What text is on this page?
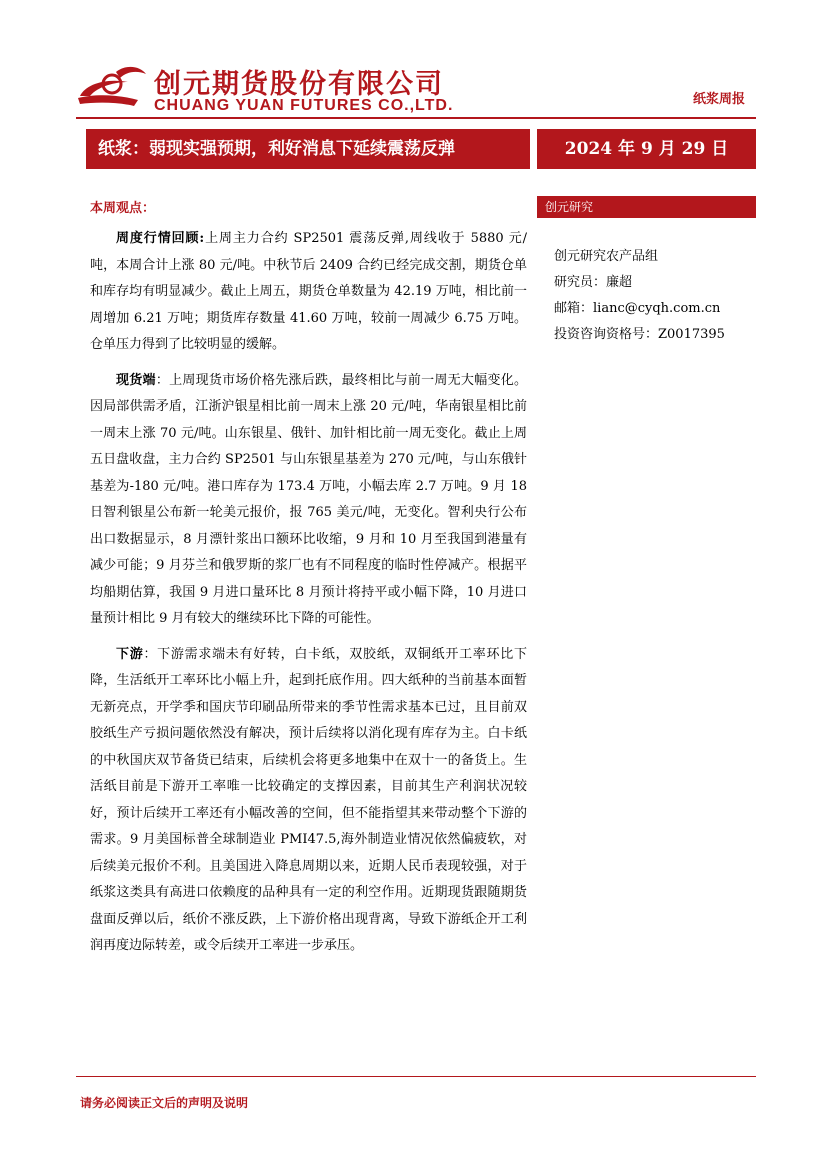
创元期货股份有限公司
CHUANG YUAN FUTURES CO.,LTD.	纸浆周报
纸浆：弱现实强预期，利好消息下延续震荡反弹	2024 年 9 月 29 日
本周观点：

周度行情回顾:上周主力合约 SP2501 震荡反弹,周线收于 5880 元/吨，本周合计上涨 80 元/吨。中秋节后 2409 合约已经完成交割，期货仓单和库存均有明显减少。截止上周五，期货仓单数量为 42.19 万吨，相比前一周增加 6.21 万吨；期货库存数量 41.60 万吨，较前一周减少 6.75 万吨。仓单压力得到了比较明显的缓解。

现货端：上周现货市场价格先涨后跌，最终相比与前一周无大幅变化。因局部供需矛盾，江浙沪银星相比前一周末上涨 20 元/吨，华南银星相比前一周末上涨 70 元/吨。山东银星、俄针、加针相比前一周无变化。截止上周五日盘收盘，主力合约 SP2501 与山东银星基差为 270 元/吨，与山东俄针基差为-180 元/吨。港口库存为 173.4 万吨，小幅去库 2.7 万吨。9 月 18 日智利银星公布新一轮美元报价，报 765 美元/吨，无变化。智利央行公布出口数据显示，8 月漂针浆出口额环比收缩，9 月和 10 月至我国到港量有减少可能；9 月芬兰和俄罗斯的浆厂也有不同程度的临时性停减产。根据平均船期估算，我国 9 月进口量环比 8 月预计将持平或小幅下降，10 月进口量预计相比 9 月有较大的继续环比下降的可能性。

下游：下游需求端未有好转，白卡纸，双胶纸，双铜纸开工率环比下降，生活纸开工率环比小幅上升，起到托底作用。四大纸种的当前基本面暂无新亮点，开学季和国庆节印刷品所带来的季节性需求基本已过，且目前双胶纸生产亏损问题依然没有解决，预计后续将以消化现有库存为主。白卡纸的中秋国庆双节备货已结束，后续机会将更多地集中在双十一的备货上。生活纸目前是下游开工率唯一比较确定的支撑因素，目前其生产利润状况较好，预计后续开工率还有小幅改善的空间，但不能指望其来带动整个下游的需求。9 月美国标普全球制造业 PMI47.5,海外制造业情况依然偏疲软，对后续美元报价不利。且美国进入降息周期以来，近期人民币表现较强，对于纸浆这类具有高进口依赖度的品种具有一定的利空作用。近期现货跟随期货盘面反弹以后，纸价不涨反跌，上下游价格出现背离，导致下游纸企开工利润再度边际转差，或令后续开工率进一步承压。

创元研究
创元研究农产品组
研究员：廉超
邮箱：lianc@cyqh.com.cn
投资咨询资格号：Z0017395
请务必阅读正文后的声明及说明
